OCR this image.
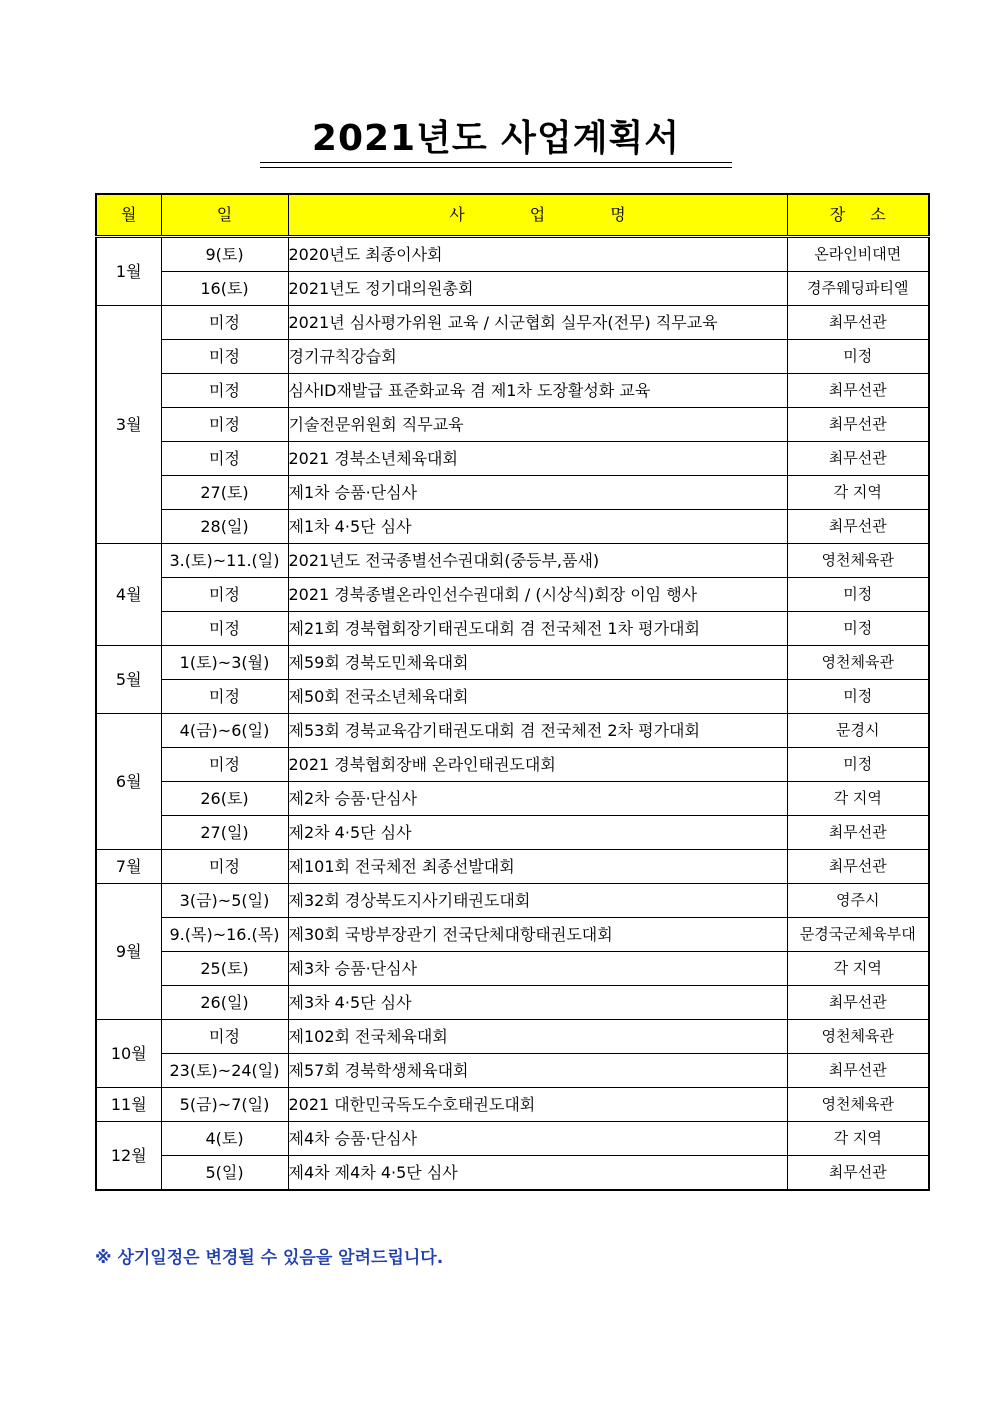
2021년도 사업계획서
월	일	사 업 명	장 소
1월	9(토)	2020년도 최종이사회	온라인비대면
	16(토)	2021년도 정기대의원총회	경주웨딩파티엘
3월	미정	2021년 심사평가위원 교육 / 시군협회 실무자(전무) 직무교육	최무선관
	미정	경기규칙강습회	미정
	미정	심사ID재발급 표준화교육 겸 제1차 도장활성화 교육	최무선관
	미정	기술전문위원회 직무교육	최무선관
	미정	2021 경북소년체육대회	최무선관
	27(토)	제1차 승품·단심사	각 지역
	28(일)	제1차 4·5단 심사	최무선관
4월	3.(토)~11.(일)	2021년도 전국종별선수권대회(중등부,품새)	영천체육관
	미정	2021 경북종별온라인선수권대회 / (시상식)회장 이임 행사	미정
	미정	제21회 경북협회장기태권도대회 겸 전국체전 1차 평가대회	미정
5월	1(토)~3(월)	제59회 경북도민체육대회	영천체육관
	미정	제50회 전국소년체육대회	미정
6월	4(금)~6(일)	제53회 경북교육감기태권도대회 겸 전국체전 2차 평가대회	문경시
	미정	2021 경북협회장배 온라인태권도대회	미정
	26(토)	제2차 승품·단심사	각 지역
	27(일)	제2차 4·5단 심사	최무선관
7월	미정	제101회 전국체전 최종선발대회	최무선관
9월	3(금)~5(일)	제32회 경상북도지사기태권도대회	영주시
	9.(목)~16.(목)	제30회 국방부장관기 전국단체대항태권도대회	문경국군체육부대
	25(토)	제3차 승품·단심사	각 지역
	26(일)	제3차 4·5단 심사	최무선관
10월	미정	제102회 전국체육대회	영천체육관
	23(토)~24(일)	제57회 경북학생체육대회	최무선관
11월	5(금)~7(일)	2021 대한민국독도수호태권도대회	영천체육관
12월	4(토)	제4차 승품·단심사	각 지역
	5(일)	제4차 제4차 4·5단 심사	최무선관
※ 상기일정은 변경될 수 있음을 알려드립니다.
